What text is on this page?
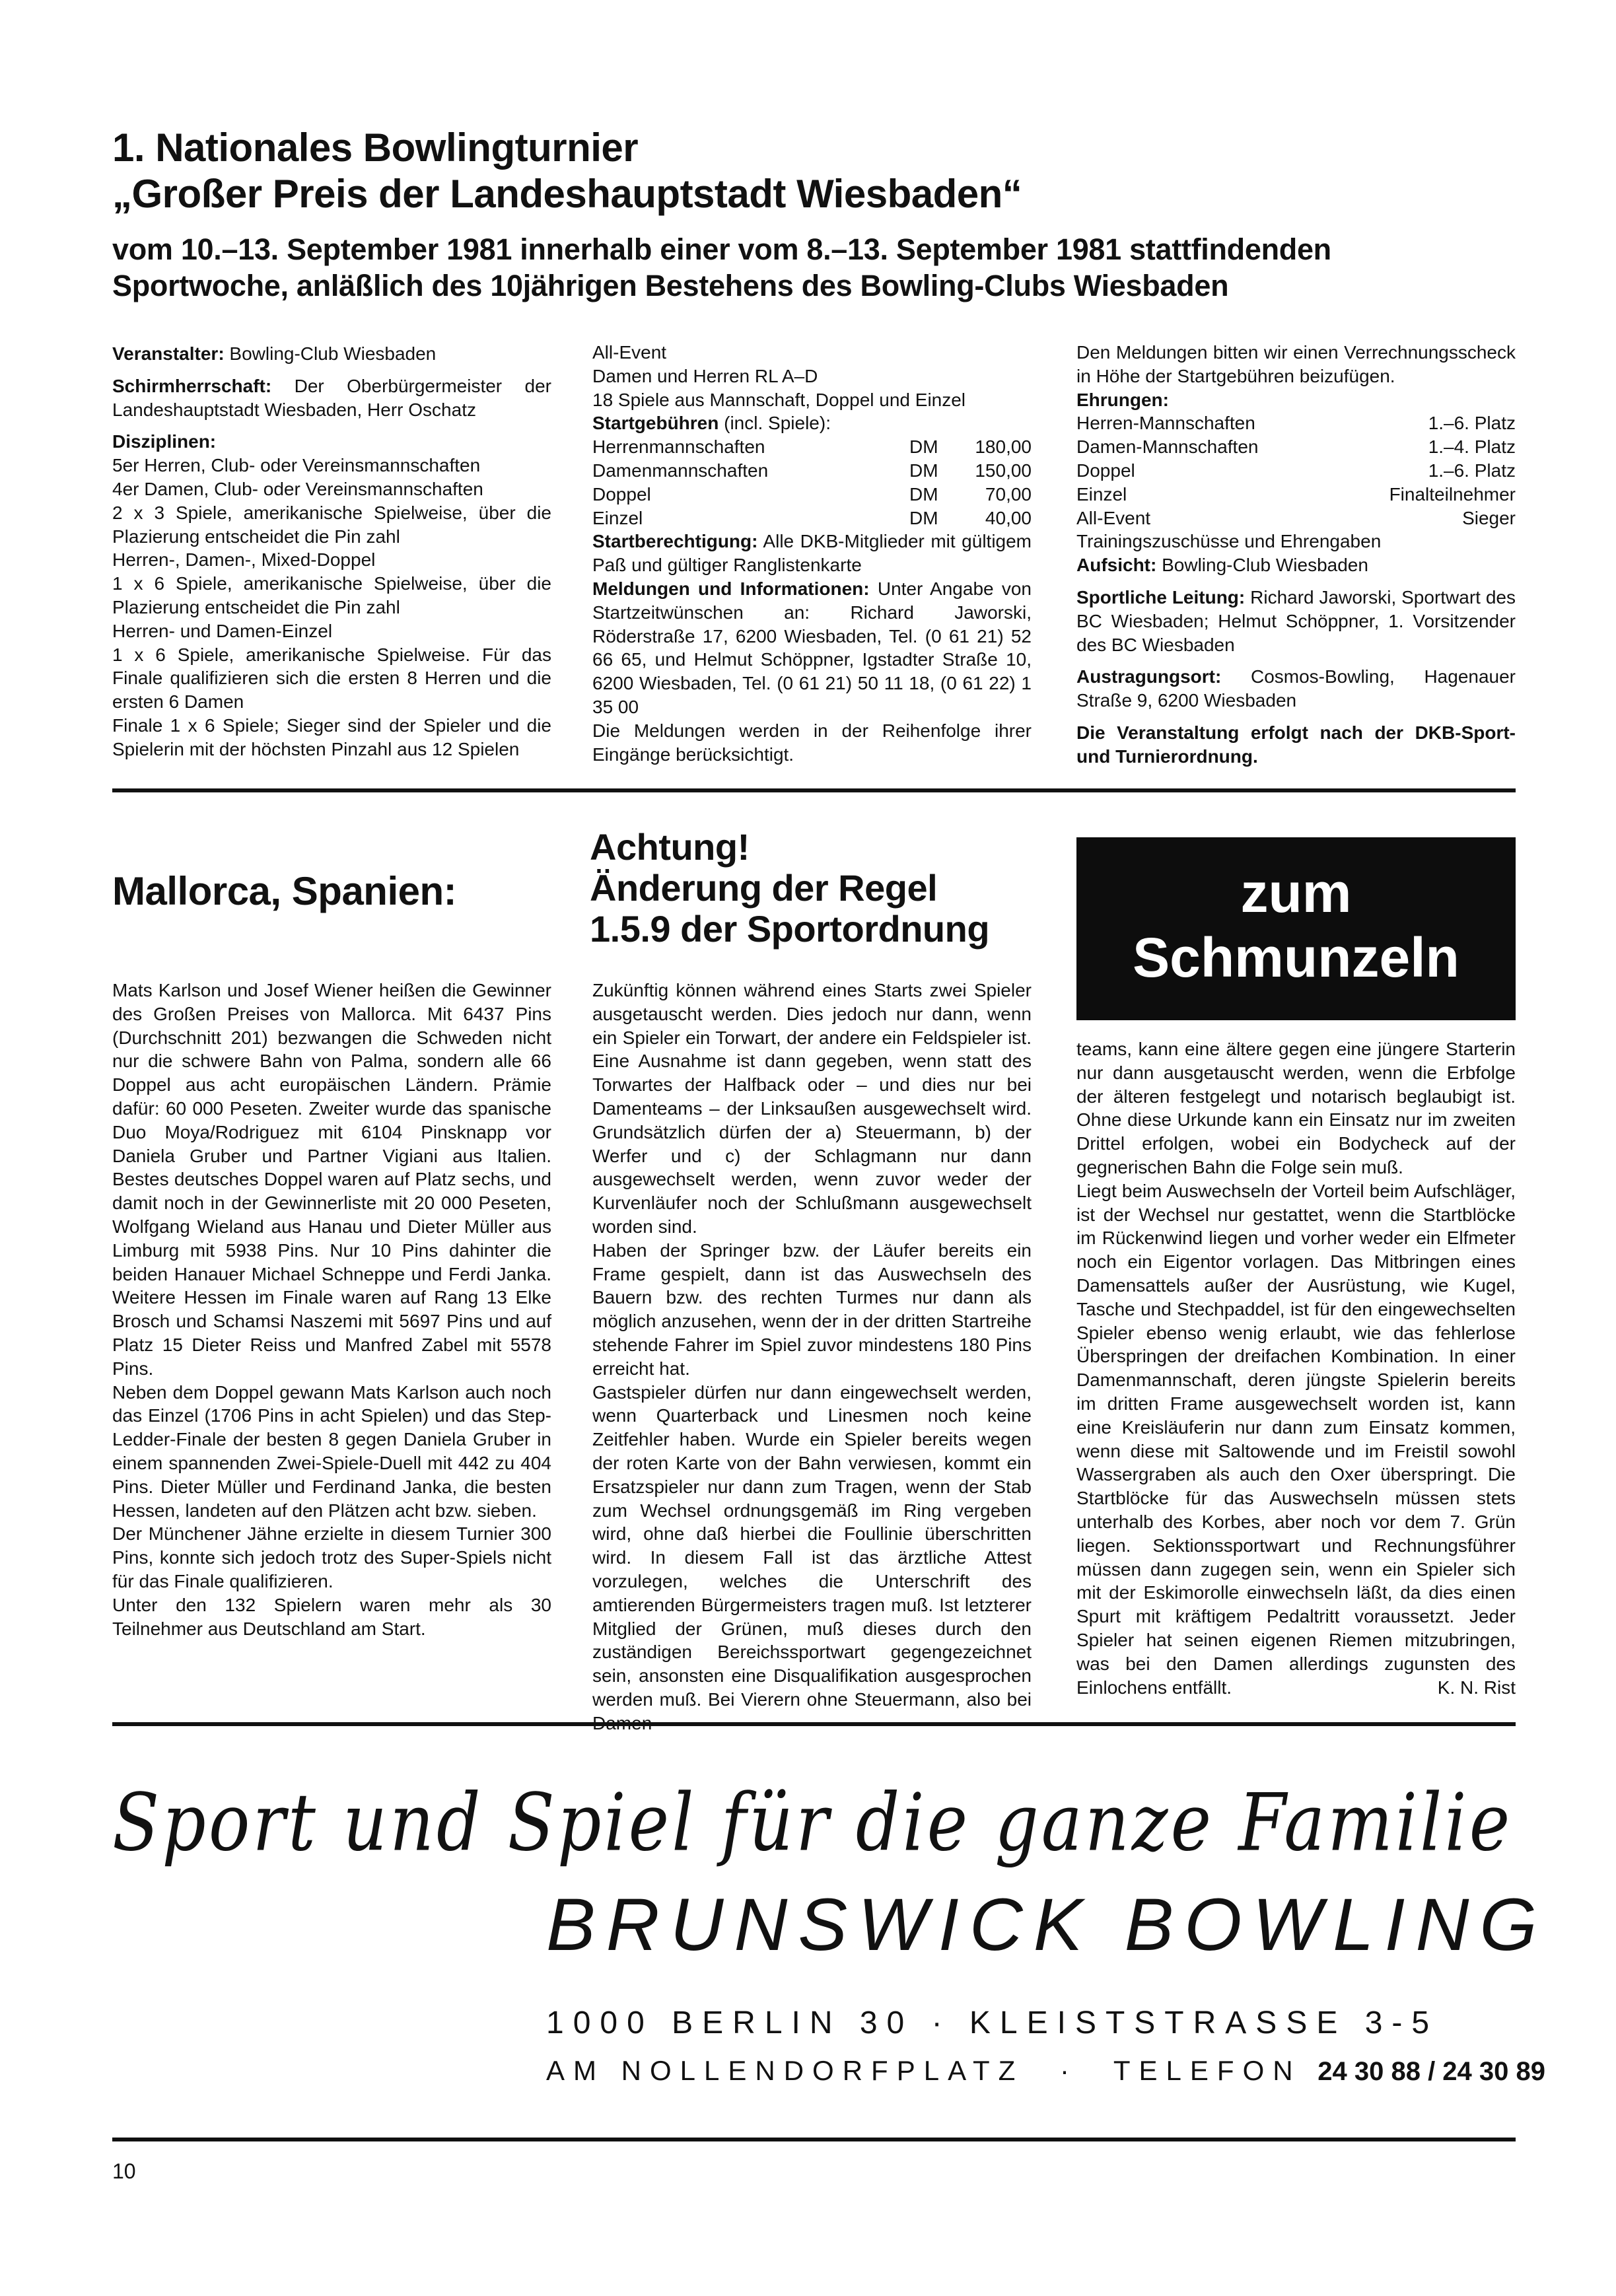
1. Nationales Bowlingturnier
„Großer Preis der Landeshauptstadt Wiesbaden“
vom 10.–13. September 1981 innerhalb einer vom 8.–13. September 1981 stattfindenden
Sportwoche, anläßlich des 10jährigen Bestehens des Bowling-Clubs Wiesbaden

Veranstalter: Bowling-Club Wiesbaden

Schirmherrschaft: Der Oberbürgermeister der Landeshauptstadt Wiesbaden, Herr Oschatz

Disziplinen:

5er Herren, Club- oder Vereinsmannschaften

4er Damen, Club- oder Vereinsmannschaften

2 x 3 Spiele, amerikanische Spielweise, über die Plazierung entscheidet die Pin zahl

Herren-, Damen-, Mixed-Doppel

1 x 6 Spiele, amerikanische Spielweise, über die Plazierung entscheidet die Pin zahl

Herren- und Damen-Einzel

1 x 6 Spiele, amerikanische Spielweise. Für das Finale qualifizieren sich die ersten 8 Herren und die ersten 6 Damen

Finale 1 x 6 Spiele; Sieger sind der Spieler und die Spielerin mit der höchsten Pinzahl aus 12 Spielen

All-Event

Damen und Herren RL A–D

18 Spiele aus Mannschaft, Doppel und Einzel

Startgebühren (incl. Spiele):

Herrenmannschaften	DM	180,00
Damenmannschaften	DM	150,00
Doppel	DM	70,00
Einzel	DM	40,00

Startberechtigung: Alle DKB-Mitglieder mit gültigem Paß und gültiger Ranglistenkarte

Meldungen und Informationen: Unter Angabe von Startzeitwünschen an: Richard Jaworski, Röderstraße 17, 6200 Wiesbaden, Tel. (0 61 21) 52 66 65, und Helmut Schöppner, Igstadter Straße 10, 6200 Wiesbaden, Tel. (0 61 21) 50 11 18, (0 61 22) 1 35 00

Die Meldungen werden in der Reihenfolge ihrer Eingänge berücksichtigt.

Den Meldungen bitten wir einen Verrechnungsscheck in Höhe der Startgebühren beizufügen.

Ehrungen:

Herren-Mannschaften	1.–6. Platz
Damen-Mannschaften	1.–4. Platz
Doppel	1.–6. Platz
Einzel	Finalteilnehmer
All-Event	Sieger

Trainingszuschüsse und Ehrengaben

Aufsicht: Bowling-Club Wiesbaden

Sportliche Leitung: Richard Jaworski, Sportwart des BC Wiesbaden; Helmut Schöppner, 1. Vorsitzender des BC Wiesbaden

Austragungsort: Cosmos-Bowling, Hagenauer Straße 9, 6200 Wiesbaden

Die Veranstaltung erfolgt nach der DKB-Sport- und Turnierordnung.

Mallorca, Spanien:

Mats Karlson und Josef Wiener heißen die Gewinner des Großen Preises von Mallorca. Mit 6437 Pins (Durchschnitt 201) bezwangen die Schweden nicht nur die schwere Bahn von Palma, sondern alle 66 Doppel aus acht europäischen Ländern. Prämie dafür: 60 000 Peseten. Zweiter wurde das spanische Duo Moya/Rodriguez mit 6104 Pinsknapp vor Daniela Gruber und Partner Vigiani aus Italien. Bestes deutsches Doppel waren auf Platz sechs, und damit noch in der Gewinnerliste mit 20 000 Peseten, Wolfgang Wieland aus Hanau und Dieter Müller aus Limburg mit 5938 Pins. Nur 10 Pins dahinter die beiden Hanauer Michael Schneppe und Ferdi Janka. Weitere Hessen im Finale waren auf Rang 13 Elke Brosch und Schamsi Naszemi mit 5697 Pins und auf Platz 15 Dieter Reiss und Manfred Zabel mit 5578 Pins.

Neben dem Doppel gewann Mats Karlson auch noch das Einzel (1706 Pins in acht Spielen) und das Step-Ledder-Finale der besten 8 gegen Daniela Gruber in einem spannenden Zwei-Spiele-Duell mit 442 zu 404 Pins. Dieter Müller und Ferdinand Janka, die besten Hessen, landeten auf den Plätzen acht bzw. sieben.

Der Münchener Jähne erzielte in diesem Turnier 300 Pins, konnte sich jedoch trotz des Super-Spiels nicht für das Finale qualifizieren.

Unter den 132 Spielern waren mehr als 30 Teilnehmer aus Deutschland am Start.

Achtung!
Änderung der Regel
1.5.9 der Sportordnung

Zukünftig können während eines Starts zwei Spieler ausgetauscht werden. Dies jedoch nur dann, wenn ein Spieler ein Torwart, der andere ein Feldspieler ist. Eine Ausnahme ist dann gegeben, wenn statt des Torwartes der Halfback oder – und dies nur bei Damenteams – der Linksaußen ausgewechselt wird. Grundsätzlich dürfen der a) Steuermann, b) der Werfer und c) der Schlagmann nur dann ausgewechselt werden, wenn zuvor weder der Kurvenläufer noch der Schlußmann ausgewechselt worden sind.

Haben der Springer bzw. der Läufer bereits ein Frame gespielt, dann ist das Auswechseln des Bauern bzw. des rechten Turmes nur dann als möglich anzusehen, wenn der in der dritten Startreihe stehende Fahrer im Spiel zuvor mindestens 180 Pins erreicht hat.

Gastspieler dürfen nur dann eingewechselt werden, wenn Quarterback und Linesmen noch keine Zeitfehler haben. Wurde ein Spieler bereits wegen der roten Karte von der Bahn verwiesen, kommt ein Ersatzspieler nur dann zum Tragen, wenn der Stab zum Wechsel ordnungsgemäß im Ring vergeben wird, ohne daß hierbei die Foullinie überschritten wird. In diesem Fall ist das ärztliche Attest vorzulegen, welches die Unterschrift des amtierenden Bürgermeisters tragen muß. Ist letzterer Mitglied der Grünen, muß dieses durch den zuständigen Bereichssportwart gegengezeichnet sein, ansonsten eine Disqualifikation ausgesprochen werden muß. Bei Vierern ohne Steuermann, also bei

zum
Schmunzeln

teams, kann eine ältere gegen eine jüngere Starterin nur dann ausgetauscht werden, wenn die Erbfolge der älteren festgelegt und notarisch beglaubigt ist. Ohne diese Urkunde kann ein Einsatz nur im zweiten Drittel erfolgen, wobei ein Bodycheck auf der gegnerischen Bahn die Folge sein muß.

Liegt beim Auswechseln der Vorteil beim Aufschläger, ist der Wechsel nur gestattet, wenn die Startblöcke im Rückenwind liegen und vorher weder ein Elfmeter noch ein Eigentor vorlagen. Das Mitbringen eines Damensattels außer der Ausrüstung, wie Kugel, Tasche und Stechpaddel, ist für den eingewechselten Spieler ebenso wenig erlaubt, wie das fehlerlose Überspringen der dreifachen Kombination. In einer Damenmannschaft, deren jüngste Spielerin bereits im dritten Frame ausgewechselt worden ist, kann eine Kreisläuferin nur dann zum Einsatz kommen, wenn diese mit Saltowende und im Freistil sowohl Wassergraben als auch den Oxer überspringt. Die Startblöcke für das Auswechseln müssen stets unterhalb des Korbes, aber noch vor dem 7. Grün liegen. Sektionssportwart und Rechnungsführer müssen dann zugegen sein, wenn ein Spieler sich mit der Eskimorolle einwechseln läßt, da dies einen Spurt mit kräftigem Pedaltritt voraussetzt. Jeder Spieler hat seinen eigenen Riemen mitzubringen, was bei den Damen allerdings zugunsten des Einlochens entfällt.	K. N. Rist

Sport und Spiel für die ganze Familie
BRUNSWICK BOWLING
1000 BERLIN 30 · KLEISTSTRASSE 3-5
AM NOLLENDORFPLATZ · TELEFON 24 30 88 / 24 30 89
10
